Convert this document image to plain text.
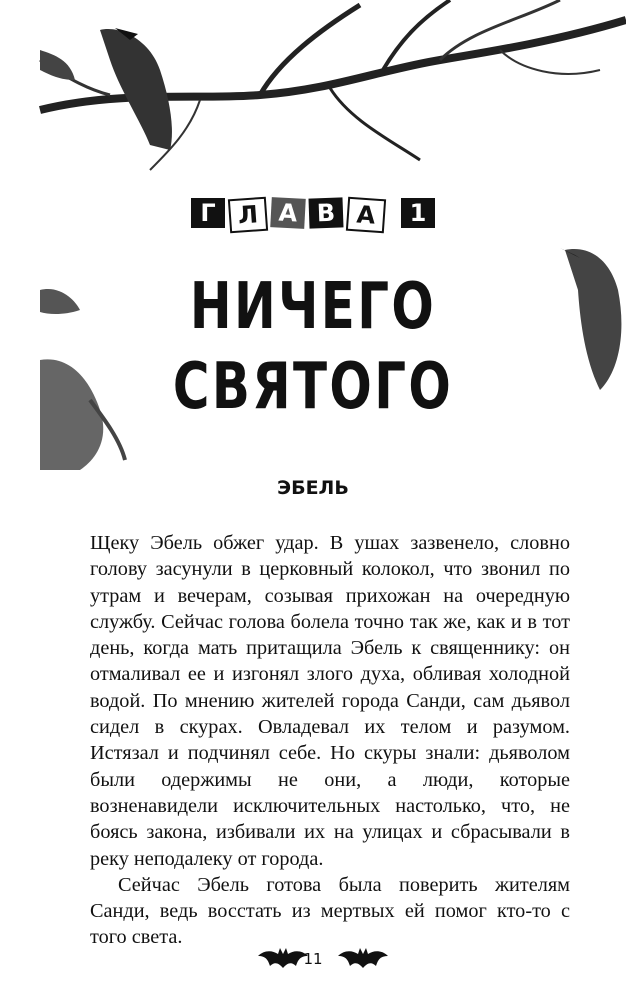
Г Л А В А	1
НИЧЕГО
СВЯТОГО
ЭБЕЛЬ

Щеку Эбель обжег удар. В ушах зазвенело, словно голову засунули в церковный колокол, что звонил по утрам и вечерам, созывая прихожан на очередную службу. Сейчас голова болела точно так же, как и в тот день, когда мать притащила Эбель к священнику: он отмаливал ее и изгонял злого духа, обливая холодной водой. По мнению жителей города Санди, сам дьявол сидел в скурах. Овладевал их телом и разумом. Истязал и подчинял себе. Но скуры знали: дьяволом были одержимы не они, а люди, которые возненавидели исключительных настолько, что, не боясь закона, избивали их на улицах и сбрасывали в реку неподалеку от города.

Сейчас Эбель готова была поверить жителям Санди, ведь восстать из мертвых ей помог кто-то с того света.

11
